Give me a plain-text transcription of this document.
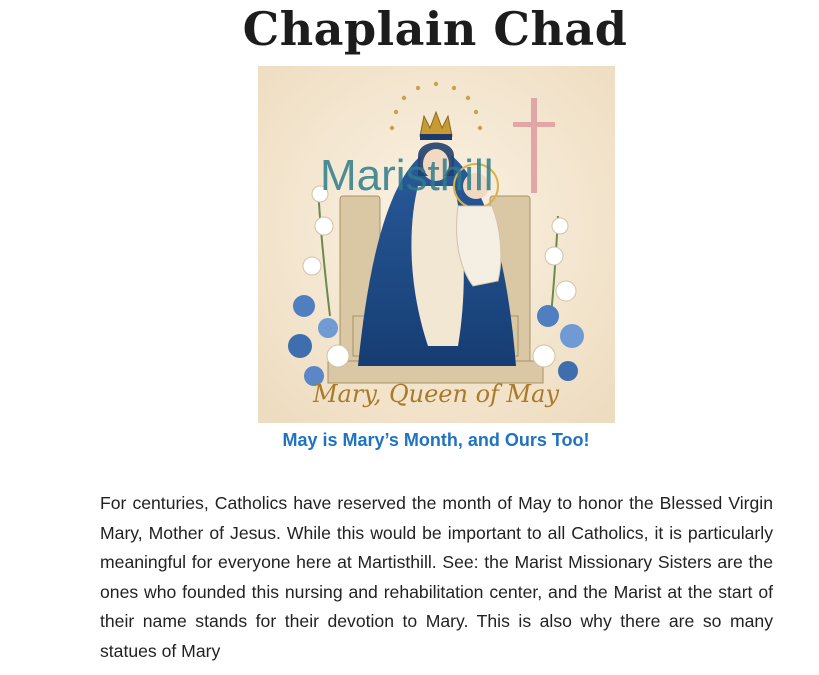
Chaplain Chad
Maristhill
Mary, Queen of May
May is Mary’s Month, and Ours Too!

For centuries, Catholics have reserved the month of May to honor the Blessed Virgin Mary, Mother of Jesus. While this would be important to all Catholics, it is particularly meaningful for everyone here at Martisthill. See: the Marist Missionary Sisters are the ones who founded this nursing and rehabilitation center, and the Marist at the start of their name stands for their devotion to Mary. This is also why there are so many statues of Mary
